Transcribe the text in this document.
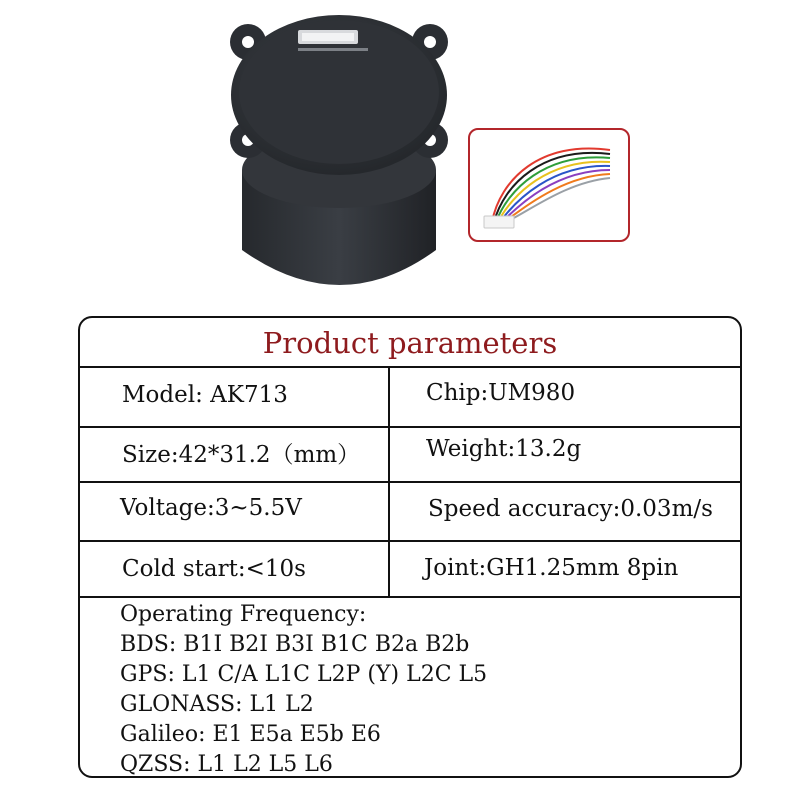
Product parameters
Model: AK713	Chip:UM980
Size:42*31.2（mm）	Weight:13.2g
Voltage:3~5.5V	Speed accuracy:0.03m/s
Cold start:<10s	Joint:GH1.25mm 8pin
Operating Frequency:
BDS: B1I B2I B3I B1C B2a B2b
GPS: L1 C/A L1C L2P (Y) L2C L5
GLONASS: L1 L2
Galileo: E1 E5a E5b E6
QZSS: L1 L2 L5 L6
